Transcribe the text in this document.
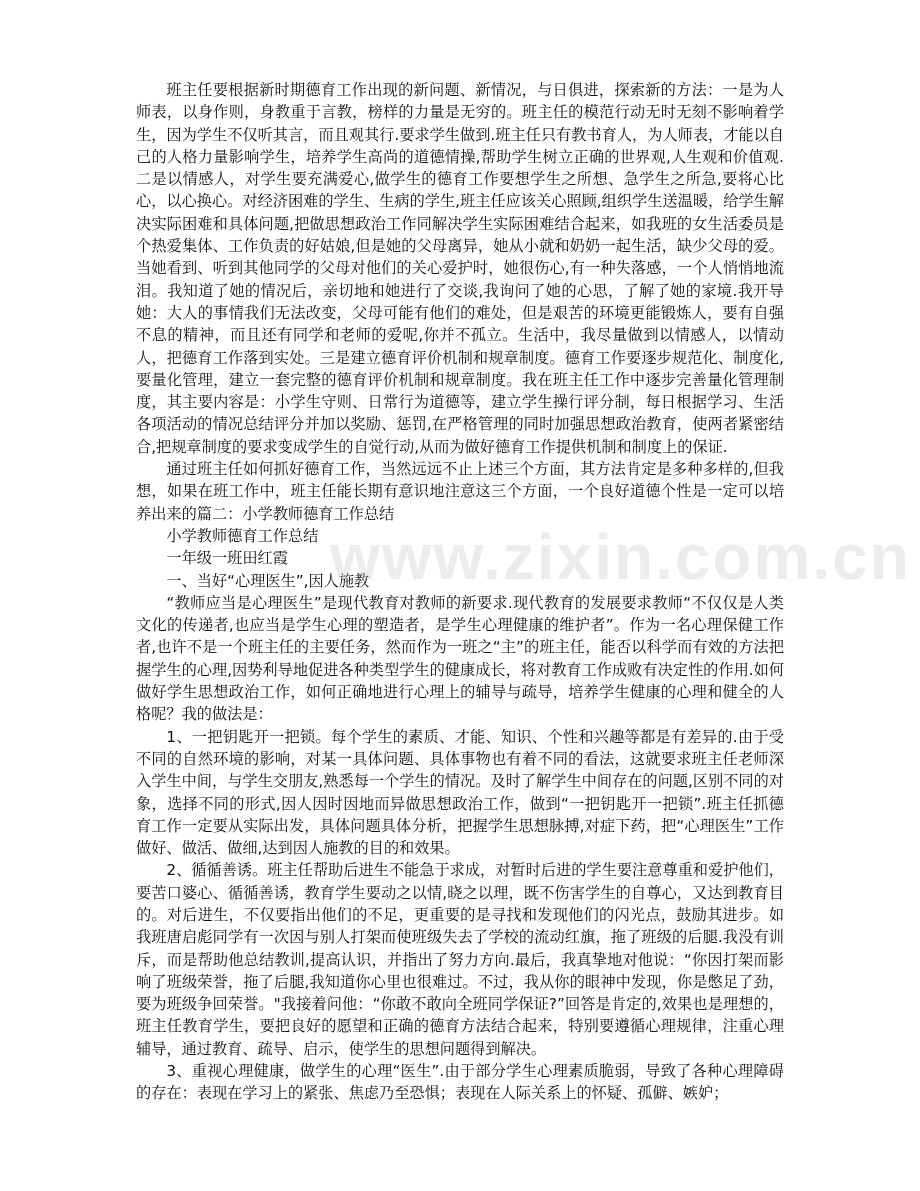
班主任要根据新时期德育工作出现的新问题、新情况，与日俱进，探索新的方法：一是为人师表，以身作则，身教重于言教，榜样的力量是无穷的。班主任的模范行动无时无刻不影响着学生，因为学生不仅听其言，而且观其行.要求学生做到.班主任只有教书育人，为人师表，才能以自己的人格力量影响学生，培养学生高尚的道德情操,帮助学生树立正确的世界观,人生观和价值观.二是以情感人，对学生要充满爱心,做学生的德育工作要想学生之所想、急学生之所急,要将心比心，以心换心。对经济困难的学生、生病的学生,班主任应该关心照顾,组织学生送温暖，给学生解决实际困难和具体问题,把做思想政治工作同解决学生实际困难结合起来，如我班的女生活委员是个热爱集体、工作负责的好姑娘,但是她的父母离异，她从小就和奶奶一起生活，缺少父母的爱。当她看到、听到其他同学的父母对他们的关心爱护时，她很伤心,有一种失落感，一个人悄悄地流泪。我知道了她的情况后，亲切地和她进行了交谈,我询问了她的心思，了解了她的家境.我开导她：大人的事情我们无法改变，父母可能有他们的难处，但是艰苦的环境更能锻炼人，要有自强不息的精神，而且还有同学和老师的爱呢,你并不孤立。生活中，我尽量做到以情感人，以情动人，把德育工作落到实处。三是建立德育评价机制和规章制度。德育工作要逐步规范化、制度化,要量化管理，建立一套完整的德育评价机制和规章制度。我在班主任工作中逐步完善量化管理制度，其主要内容是：小学生守则、日常行为道德等，建立学生操行评分制，每日根据学习、生活各项活动的情况总结评分并加以奖励、惩罚,在严格管理的同时加强思想政治教育，使两者紧密结合,把规章制度的要求变成学生的自觉行动,从而为做好德育工作提供机制和制度上的保证.

通过班主任如何抓好德育工作，当然远远不止上述三个方面，其方法肯定是多种多样的,但我想，如果在班工作中，班主任能长期有意识地注意这三个方面，一个良好道德个性是一定可以培养出来的篇二：小学教师德育工作总结

小学教师德育工作总结

一年级一班田红霞

一、当好“心理医生”,因人施教

“教师应当是心理医生”是现代教育对教师的新要求.现代教育的发展要求教师“不仅仅是人类文化的传递者,也应当是学生心理的塑造者，是学生心理健康的维护者”。作为一名心理保健工作者,也许不是一个班主任的主要任务，然而作为一班之“主”的班主任，能否以科学而有效的方法把握学生的心理,因势利导地促进各种类型学生的健康成长，将对教育工作成败有决定性的作用.如何做好学生思想政治工作，如何正确地进行心理上的辅导与疏导，培养学生健康的心理和健全的人格呢？我的做法是：

1、一把钥匙开一把锁。每个学生的素质、才能、知识、个性和兴趣等都是有差异的.由于受不同的自然环境的影响，对某一具体问题、具体事物也有着不同的看法，这就要求班主任老师深入学生中间，与学生交朋友,熟悉每一个学生的情况。及时了解学生中间存在的问题,区别不同的对象，选择不同的形式,因人因时因地而异做思想政治工作，做到“一把钥匙开一把锁”.班主任抓德育工作一定要从实际出发，具体问题具体分析，把握学生思想脉搏,对症下药，把“心理医生”工作做好、做活、做细,达到因人施教的目的和效果。

2、循循善诱。班主任帮助后进生不能急于求成，对暂时后进的学生要注意尊重和爱护他们，要苦口婆心、循循善诱，教育学生要动之以情,晓之以理，既不伤害学生的自尊心，又达到教育目的。对后进生，不仅要指出他们的不足，更重要的是寻找和发现他们的闪光点，鼓励其进步。如我班唐启彪同学有一次因与别人打架而使班级失去了学校的流动红旗，拖了班级的后腿.我没有训斥，而是帮助他总结教训,提高认识，并指出了努力方向.最后，我真挚地对他说：“你因打架而影响了班级荣誉，拖了后腿,我知道你心里也很难过。不过，我从你的眼神中发现，你是憋足了劲，要为班级争回荣誉。"我接着问他：“你敢不敢向全班同学保证?”回答是肯定的,效果也是理想的，班主任教育学生，要把良好的愿望和正确的德育方法结合起来，特别要遵循心理规律，注重心理辅导，通过教育、疏导、启示，使学生的思想问题得到解决。

3、重视心理健康，做学生的心理“医生”.由于部分学生心理素质脆弱，导致了各种心理障碍的存在：表现在学习上的紧张、焦虑乃至恐惧；表现在人际关系上的怀疑、孤僻、嫉妒；

www.zixin.com.cn
